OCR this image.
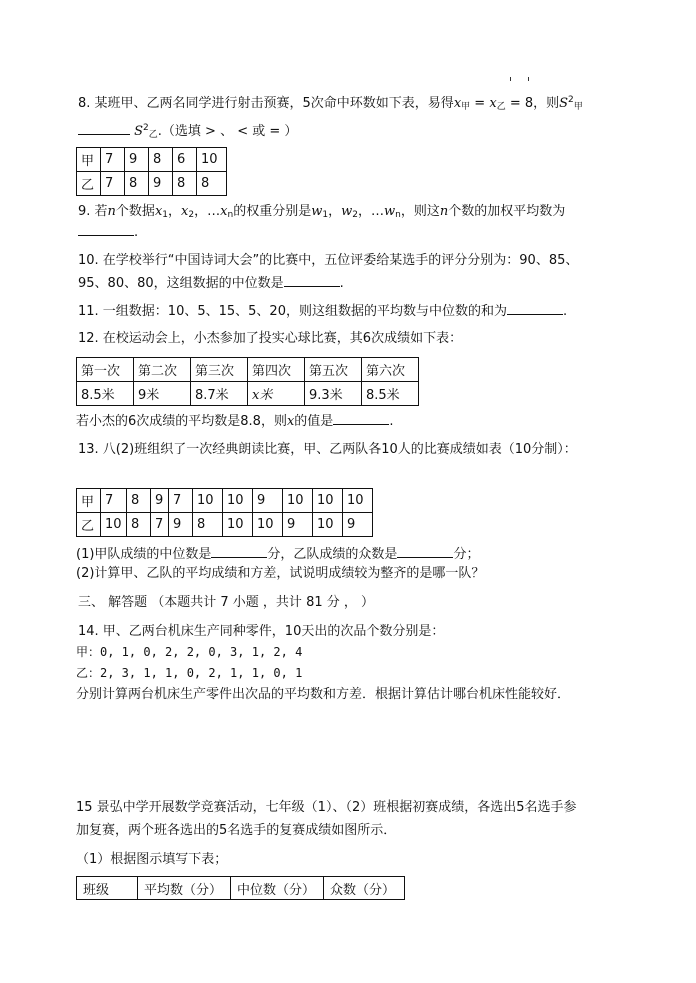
8. 某班甲、乙两名同学进行射击预赛，5次命中环数如下表，易得$x_甲 = x_乙 = 8$，则$S^2_甲$
$S^2_乙$.（选填 > 、 < 或 = ）
甲	7	9	8	6	10
乙	7	8	9	8	8
9. 若n个数据$x_1$，$x_2$，$\dots x_n$的权重分别是$w_1$，$w_2$，$\dots w_n$，则这n个数的加权平均数为
.
10. 在学校举行“中国诗词大会”的比赛中，五位评委给某选手的评分分别为：90、85、
95、80、80，这组数据的中位数是	.
11. 一组数据：10、5、15、5、20，则这组数据的平均数与中位数的和为	.
12. 在校运动会上，小杰参加了投实心球比赛，其6次成绩如下表：
第一次	第二次	第三次	第四次	第五次	第六次
8.5米	9米	8.7米	x米	9.3米	8.5米
若小杰的6次成绩的平均数是8.8，则x的值是	.
13. 八(2)班组织了一次经典朗读比赛，甲、乙两队各10人的比赛成绩如表（10分制）：
甲	7	8	9	7	10	10	9	10	10	10
乙	10	8	7	9	8	10	10	9	10	9
(1)甲队成绩的中位数是	分，乙队成绩的众数是	分；
(2)计算甲、乙队的平均成绩和方差，试说明成绩较为整齐的是哪一队？
三、 解答题 （本题共计 7 小题 ，共计 81 分 ， ）
14. 甲、乙两台机床生产同种零件，10天出的次品个数分别是：
甲：0, 1, 0, 2, 2, 0, 3, 1, 2, 4
乙：2, 3, 1, 1, 0, 2, 1, 1, 0, 1
分别计算两台机床生产零件出次品的平均数和方差．根据计算估计哪台机床性能较好．
15 景弘中学开展数学竞赛活动，七年级（1）、（2）班根据初赛成绩，各选出5名选手参
加复赛，两个班各选出的5名选手的复赛成绩如图所示．
（1）根据图示填写下表；
班级	平均数（分）	中位数（分）	众数（分）
